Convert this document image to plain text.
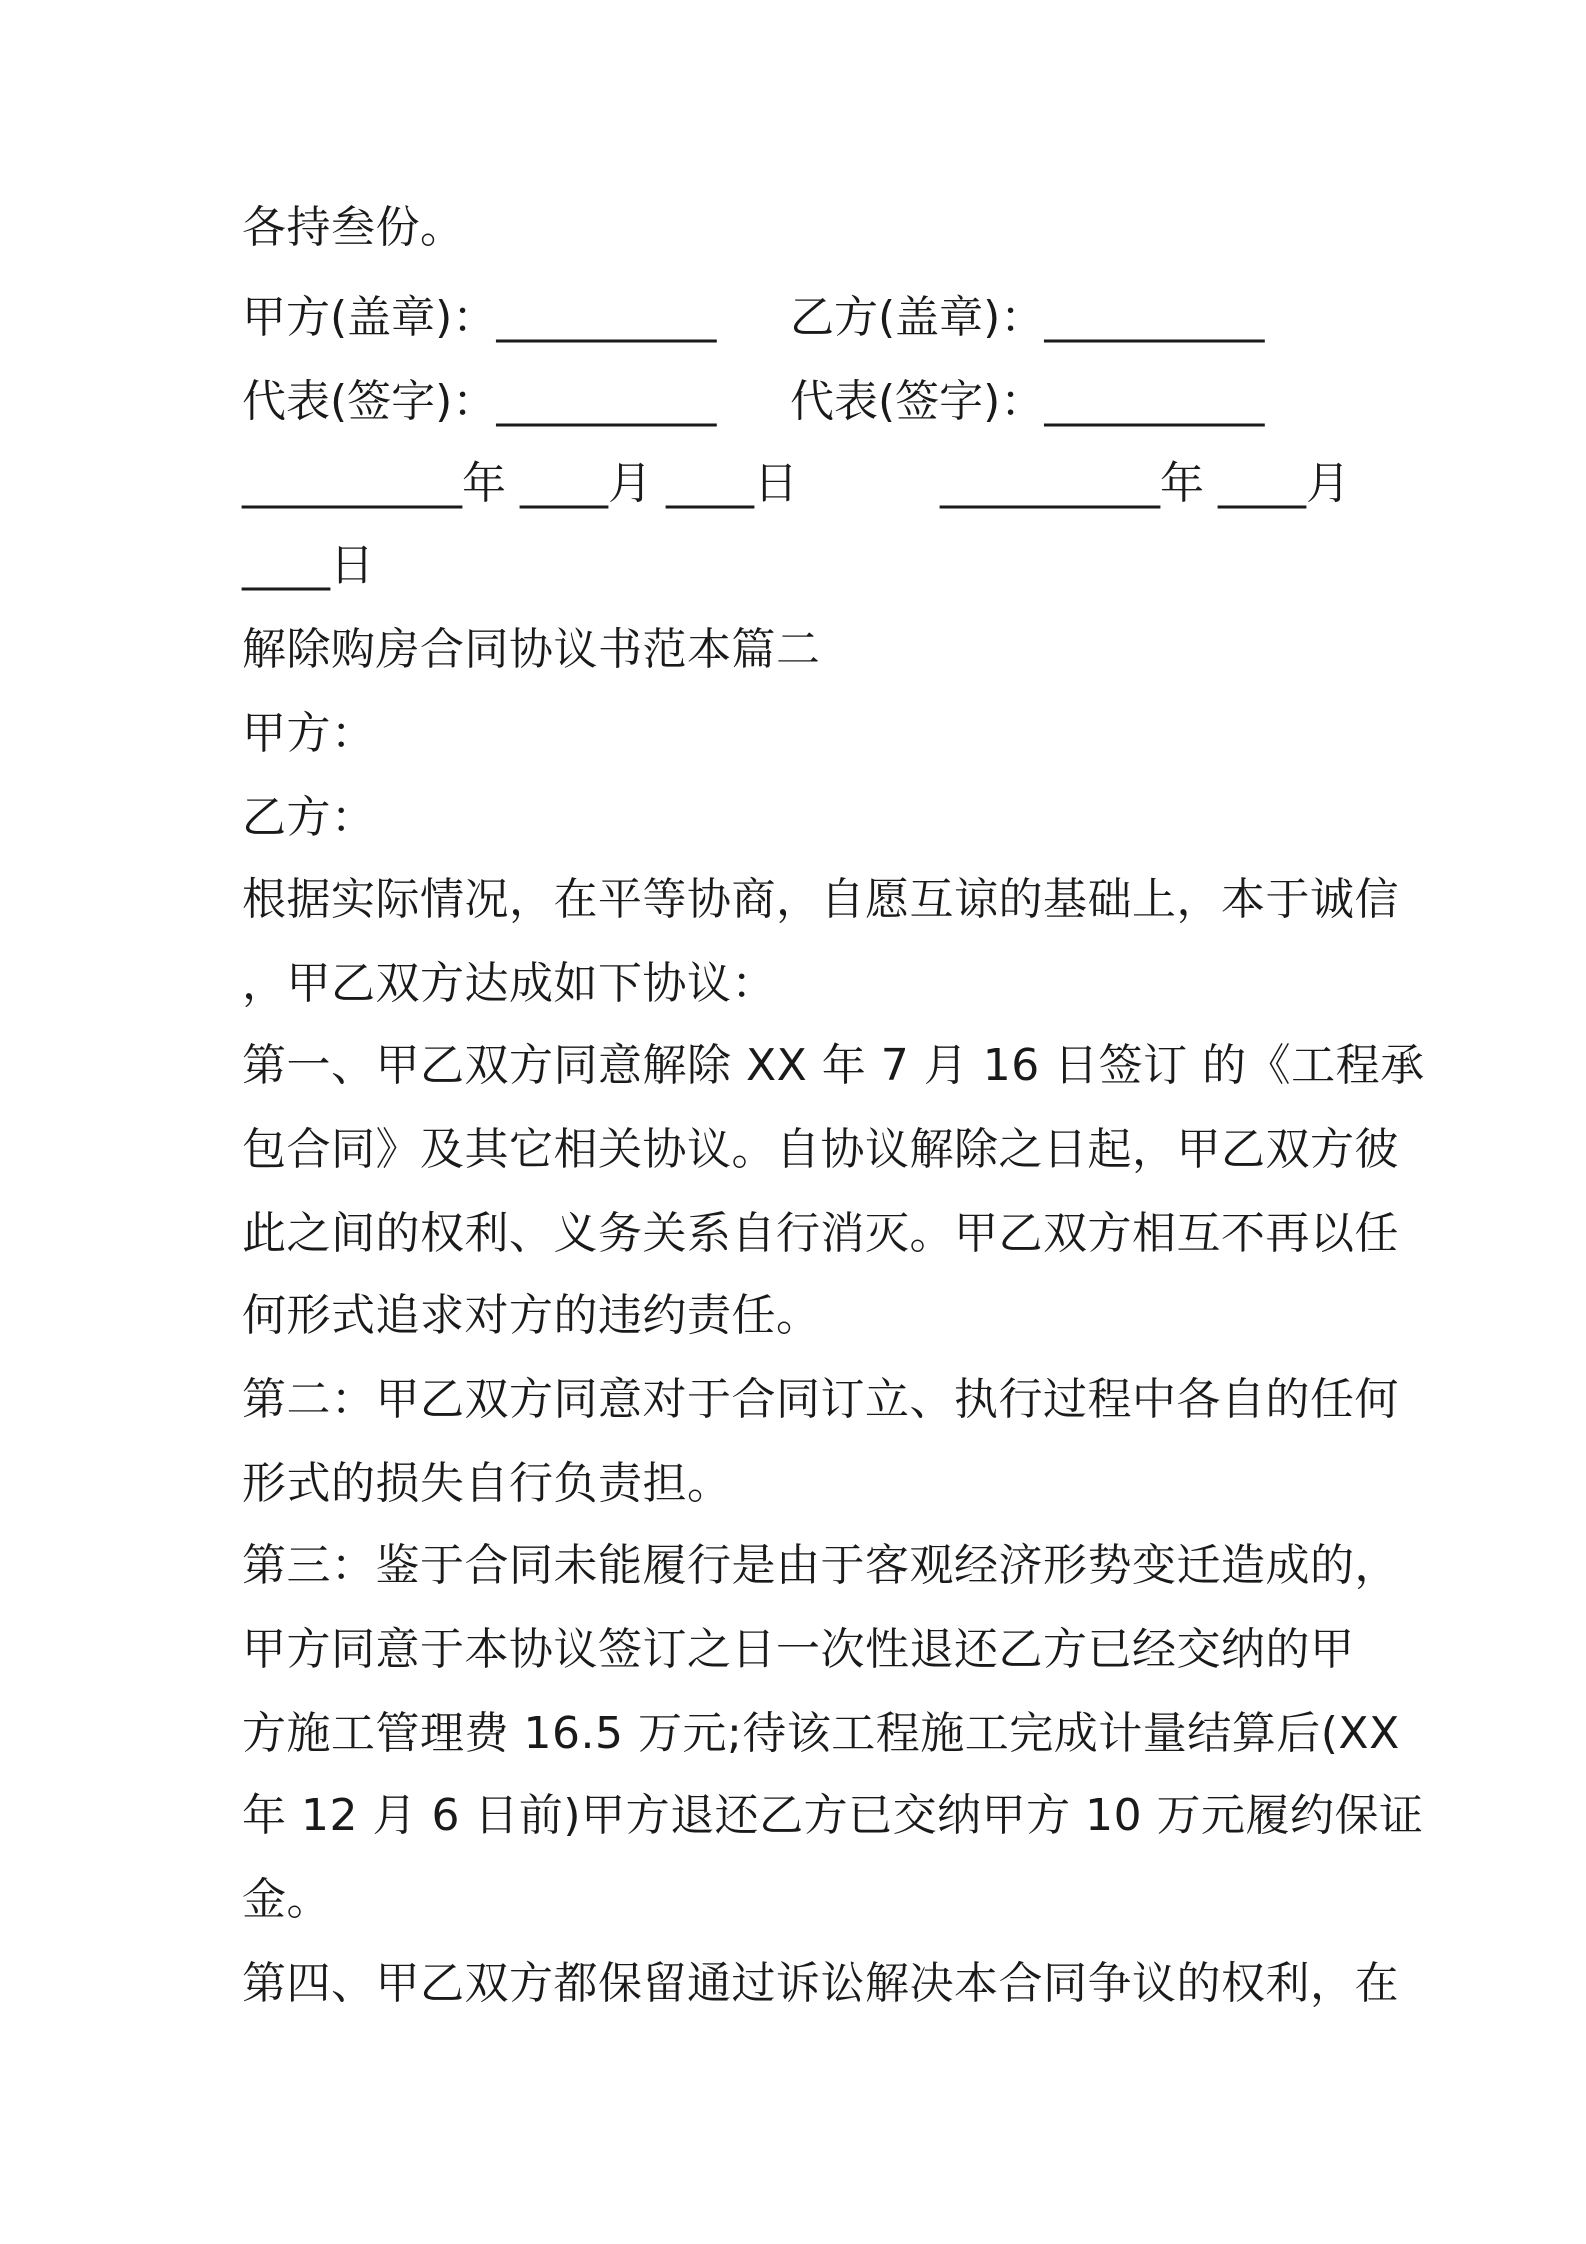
各持叁份。
甲方(盖章)：__________ 乙方(盖章)：__________
代表(签字)：__________ 代表(签字)：__________
__________年 ____月 ____日	__________年 ____月
____日
解除购房合同协议书范本篇二
甲方：
乙方：
根据实际情况，在平等协商，自愿互谅的基础上，本于诚信
，甲乙双方达成如下协议：
第一、甲乙双方同意解除 XX 年 7 月 16 日签订 的《工程承
包合同》及其它相关协议。自协议解除之日起，甲乙双方彼
此之间的权利、义务关系自行消灭。甲乙双方相互不再以任
何形式追求对方的违约责任。
第二：甲乙双方同意对于合同订立、执行过程中各自的任何
形式的损失自行负责担。
第三：鉴于合同未能履行是由于客观经济形势变迁造成的，
甲方同意于本协议签订之日一次性退还乙方已经交纳的甲
方施工管理费 16.5 万元;待该工程施工完成计量结算后(XX
年 12 月 6 日前)甲方退还乙方已交纳甲方 10 万元履约保证
金。
第四、甲乙双方都保留通过诉讼解决本合同争议的权利，在
